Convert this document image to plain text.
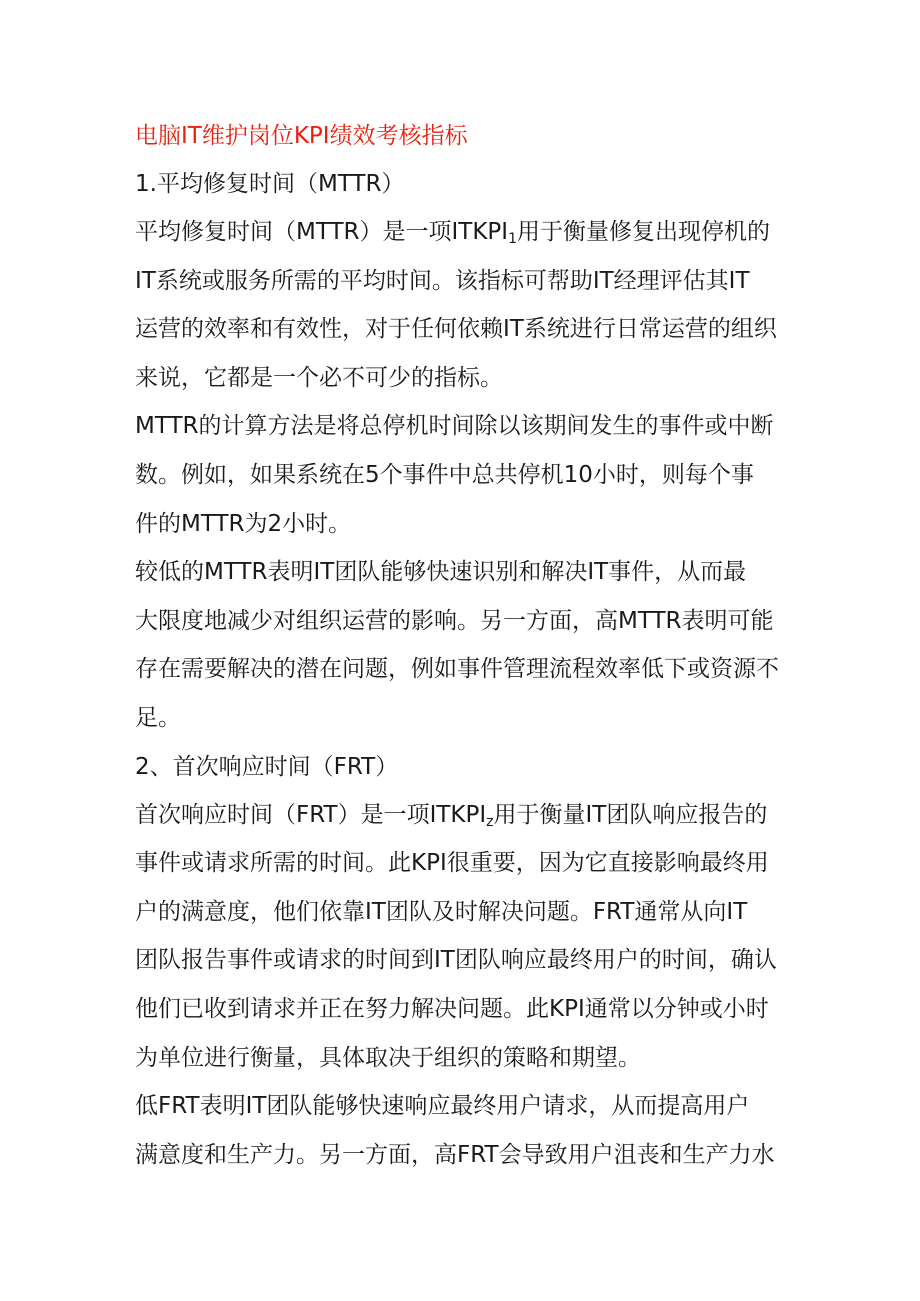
电脑IT维护岗位KPI绩效考核指标
1.平均修复时间（MTTR）
平均修复时间（MTTR）是一项$ITKPI_1$用于衡量修复出现停机的
IT系统或服务所需的平均时间。该指标可帮助IT经理评估其IT
运营的效率和有效性，对于任何依赖IT系统进行日常运营的组织
来说，它都是一个必不可少的指标。
MTTR的计算方法是将总停机时间除以该期间发生的事件或中断
数。例如，如果系统在5个事件中总共停机10小时，则每个事
件的MTTR为2小时。
较低的MTTR表明IT团队能够快速识别和解决IT事件，从而最
大限度地减少对组织运营的影响。另一方面，高MTTR表明可能
存在需要解决的潜在问题，例如事件管理流程效率低下或资源不
足。
2、首次响应时间（FRT）
首次响应时间（FRT）是一项$ITKPI_z$用于衡量IT团队响应报告的
事件或请求所需的时间。此KPI很重要，因为它直接影响最终用
户的满意度，他们依靠IT团队及时解决问题。FRT通常从向IT
团队报告事件或请求的时间到IT团队响应最终用户的时间，确认
他们已收到请求并正在努力解决问题。此KPI通常以分钟或小时
为单位进行衡量，具体取决于组织的策略和期望。
低FRT表明IT团队能够快速响应最终用户请求，从而提高用户
满意度和生产力。另一方面，高FRT会导致用户沮丧和生产力水
